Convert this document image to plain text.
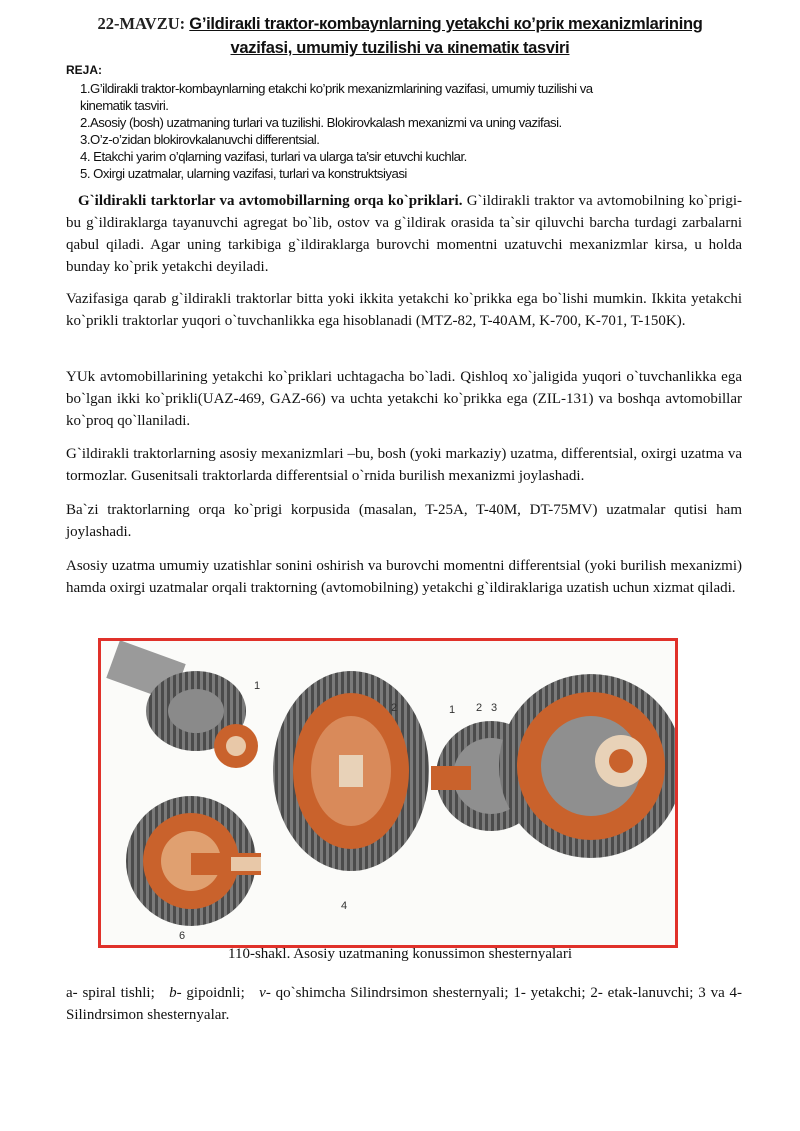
22-MAVZU: G’ildiraкli traкtor-кombaynlarning yetakchi кo’priк mexanizmlarining
vazifasi, umumiy tuzilishi va кinematiк tasviri
REJA:
1.G’ildirakli traktor-kombaynlarning etakchi ko’prik mexanizmlarining vazifasi, umumiy tuzilishi va
kinematik tasviri.
2.Asosiy (bosh) uzatmaning turlari va tuzilishi. Blokirovkalash mexanizmi va uning vazifasi.
3.O’z-o’zidan blokirovkalanuvchi differentsial.
4. Etakchi yarim o’qlarning vazifasi, turlari va ularga ta’sir etuvchi kuchlar.
5. Oxirgi uzatmalar, ularning vazifasi, turlari va konstruktsiyasi
G`ildirakli tarktorlar va avtomobillarning orqa ko`priklari. G`ildirakli traktor va avtomobilning ko`prigi-bu g`ildiraklarga tayanuvchi agregat bo`lib, ostov va g`ildirak orasida ta`sir qiluvchi barcha turdagi zarbalarni qabul qiladi. Agar uning tarkibiga g`ildiraklarga burovchi momentni uzatuvchi mexanizmlar kirsa, u holda bunday ko`prik yetakchi deyiladi.
Vazifasiga qarab g`ildirakli traktorlar bitta yoki ikkita yetakchi ko`prikka ega bo`lishi mumkin. Ikkita yetakchi ko`prikli traktorlar yuqori o`tuvchanlikka ega hisoblanadi (MTZ-82, T-40AM, K-700, K-701, T-150K).
YUk avtomobillarining yetakchi ko`priklari uchtagacha bo`ladi. Qishloq xo`jaligida yuqori o`tuvchanlikka ega bo`lgan ikki ko`prikli(UAZ-469, GAZ-66) va uchta yetakchi ko`prikka ega (ZIL-131) va boshqa avtomobillar ko`proq qo`llaniladi.
G`ildirakli traktorlarning asosiy mexanizmlari –bu, bosh (yoki markaziy) uzatma, differentsial, oxirgi uzatma va tormozlar. Gusenitsali traktorlarda differentsial o`rnida burilish mexanizmi joylashadi.
Ba`zi traktorlarning orqa ko`prigi korpusida (masalan, T-25A, T-40M, DT-75MV) uzatmalar qutisi ham joylashadi.
Asosiy uzatma umumiy uzatishlar sonini oshirish va burovchi momentni differentsial (yoki burilish mexanizmi) hamda oxirgi uzatmalar orqali traktorning (avtomobilning) yetakchi g`ildiraklariga uzatish uchun xizmat qiladi.
1
2	1 2 3
4
6
110-shakl. Asosiy uzatmaning konussimon shesternyalari
a- spiral tishli; b- gipoidnli; v- qo`shimcha Silindrsimon shesternyali; 1- yetakchi; 2- etak-lanuvchi; 3 va 4- Silindrsimon shesternyalar.
